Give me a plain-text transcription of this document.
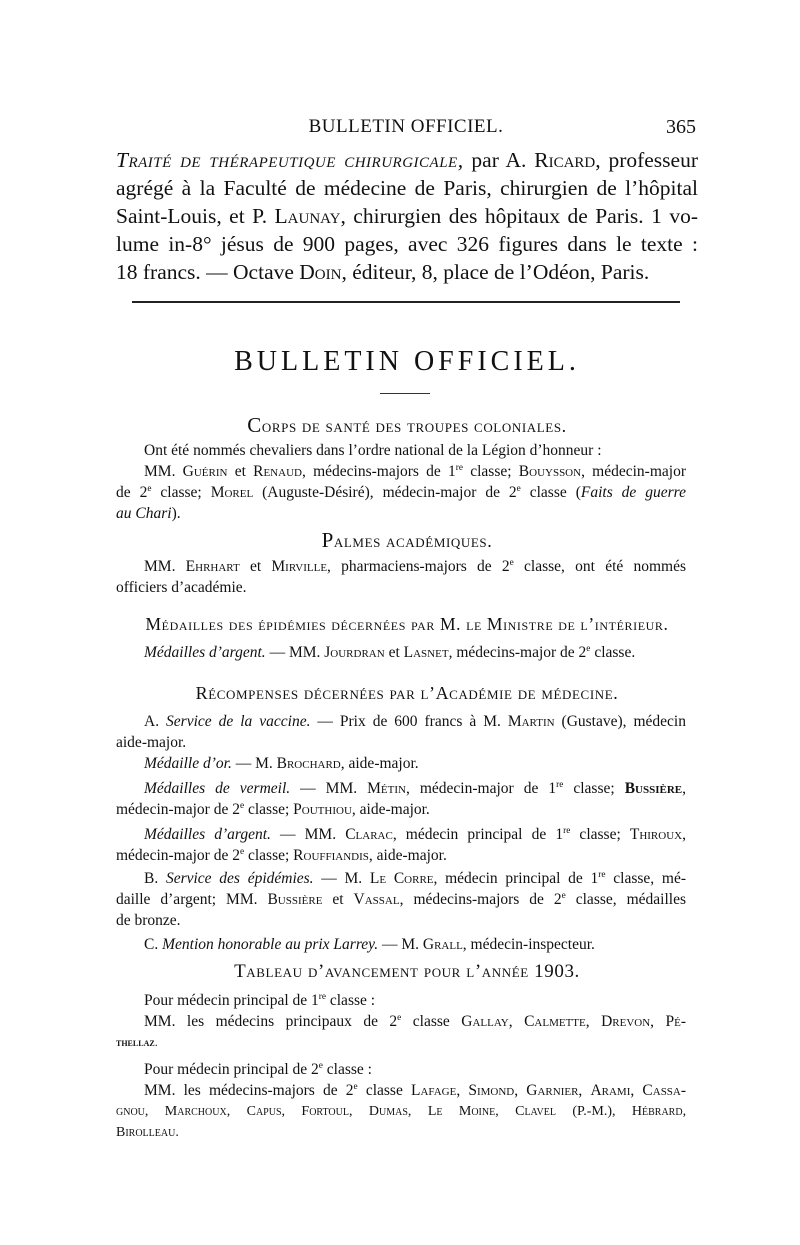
BULLETIN OFFICIEL.	365
Traité de thérapeutique chirurgicale, par A. Ricard, professeur
agrégé à la Faculté de médecine de Paris, chirurgien de l’hôpital
Saint-Louis, et P. Launay, chirurgien des hôpitaux de Paris. 1 vo-
lume in-8° jésus de 900 pages, avec 326 figures dans le texte :
18 francs. — Octave Doin, éditeur, 8, place de l’Odéon, Paris.
BULLETIN OFFICIEL.
Corps de santé des troupes coloniales.
Ont été nommés chevaliers dans l’ordre national de la Légion d’honneur :
MM. Guérin et Renaud, médecins-majors de 1re classe; Bouysson, médecin-major
de 2e classe; Morel (Auguste-Désiré), médecin-major de 2e classe (Faits de guerre
au Chari).
Palmes académiques.
MM. Ehrhart et Mirville, pharmaciens-majors de 2e classe, ont été nommés
officiers d’académie.
Médailles des épidémies décernées par M. le Ministre de l’intérieur.
Médailles d’argent. — MM. Jourdran et Lasnet, médecins-major de 2e classe.
Récompenses décernées par l’Académie de médecine.
A. Service de la vaccine. — Prix de 600 francs à M. Martin (Gustave), médecin
aide-major.
Médaille d’or. — M. Brochard, aide-major.
Médailles de vermeil. — MM. Métin, médecin-major de 1re classe; Bussière,
médecin-major de 2e classe; Pouthiou, aide-major.
Médailles d’argent. — MM. Clarac, médecin principal de 1re classe; Thiroux,
médecin-major de 2e classe; Rouffiandis, aide-major.
B. Service des épidémies. — M. Le Corre, médecin principal de 1re classe, mé-
daille d’argent; MM. Bussière et Vassal, médecins-majors de 2e classe, médailles
de bronze.
C. Mention honorable au prix Larrey. — M. Grall, médecin-inspecteur.
Tableau d’avancement pour l’année 1903.
Pour médecin principal de 1re classe :
MM. les médecins principaux de 2e classe Gallay, Calmette, Drevon, Pé-
thellaz.
Pour médecin principal de 2e classe :
MM. les médecins-majors de 2e classe Lafage, Simond, Garnier, Arami, Cassa-
gnou, Marchoux, Capus, Fortoul, Dumas, Le Moine, Clavel (P.-M.), Hébrard,
Birolleau.
